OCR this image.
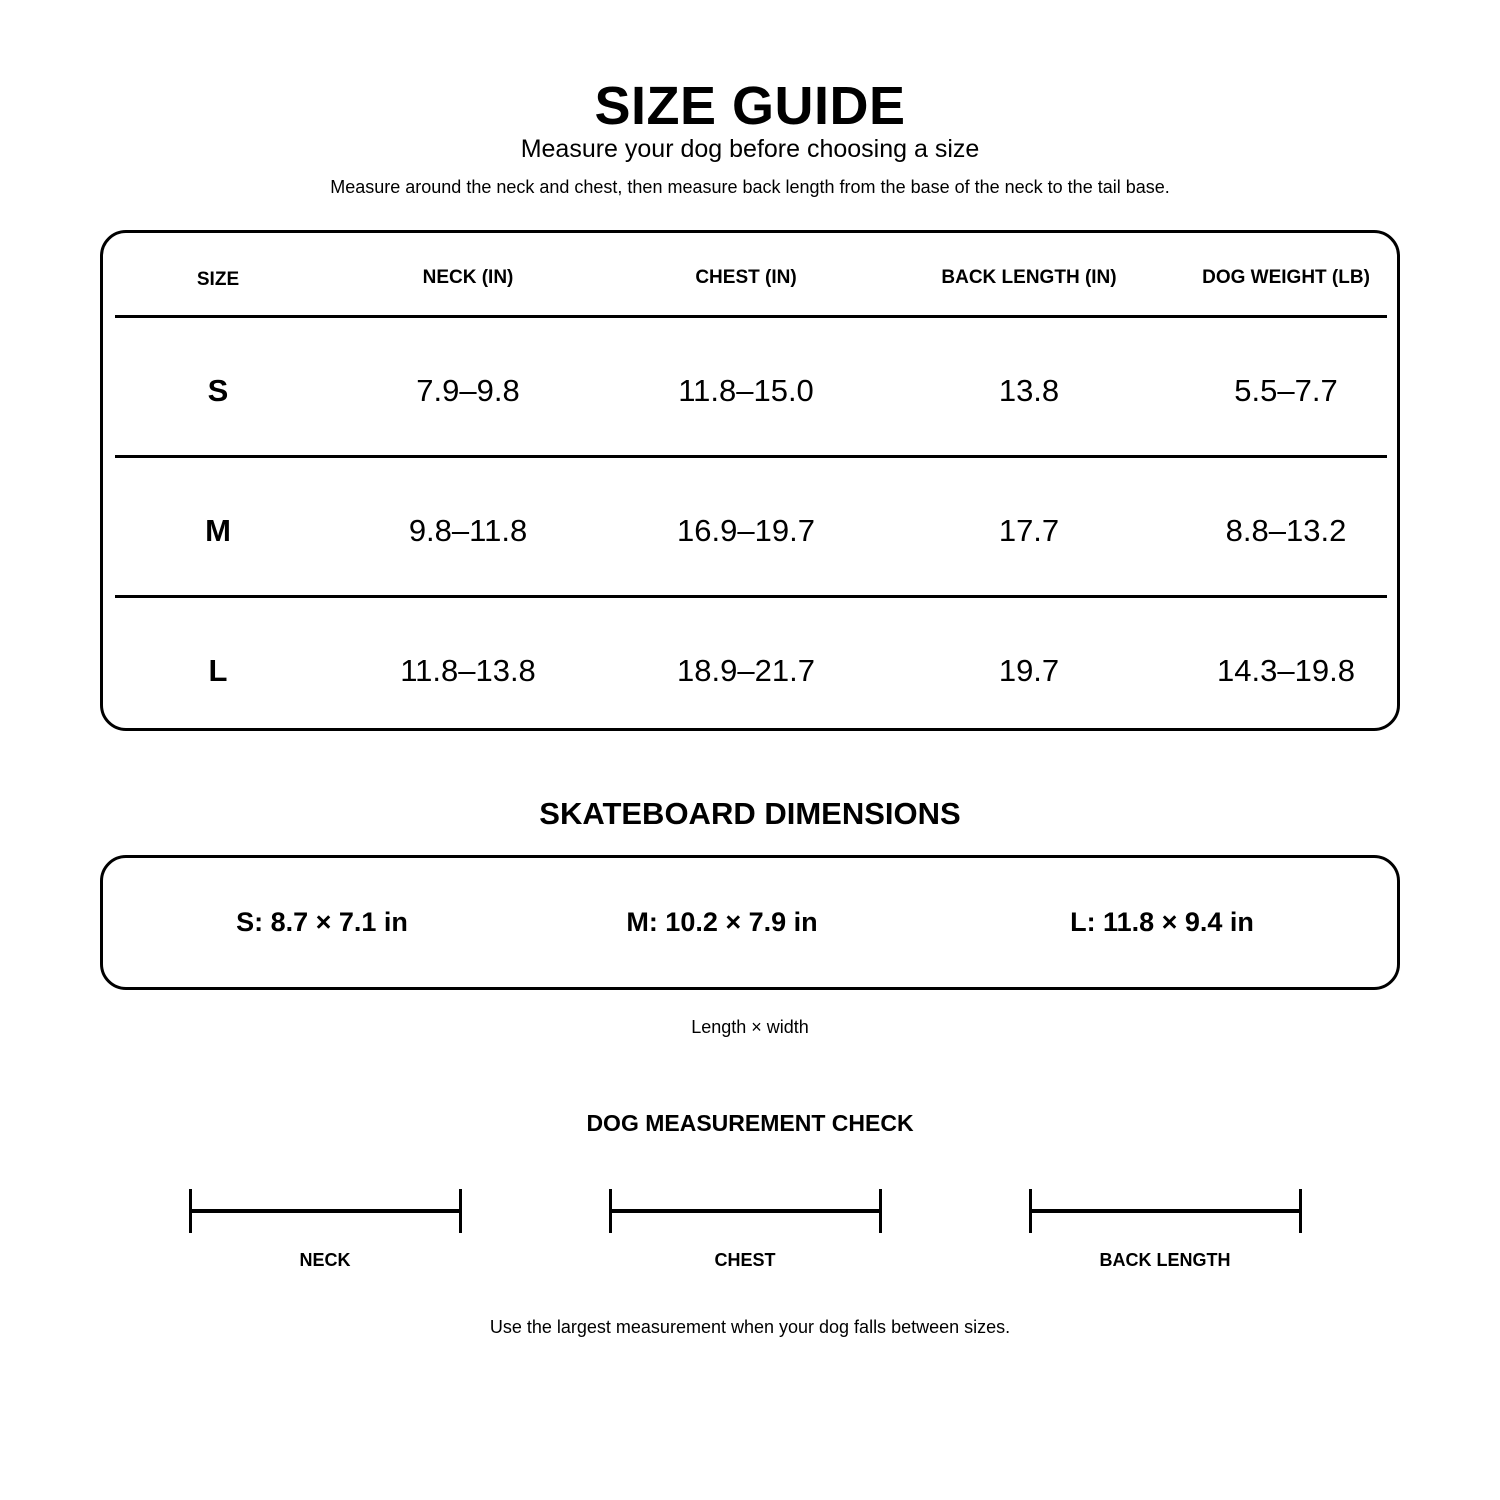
SIZE GUIDE
Measure your dog before choosing a size
Measure around the neck and chest, then measure back length from the base of the neck to the tail base.
SIZE	NECK (IN)	CHEST (IN)	BACK LENGTH (IN)	DOG WEIGHT (LB)
S	7.9–9.8	11.8–15.0	13.8	5.5–7.7
M	9.8–11.8	16.9–19.7	17.7	8.8–13.2
L	11.8–13.8	18.9–21.7	19.7	14.3–19.8
SKATEBOARD DIMENSIONS
S: 8.7 × 7.1 in	M: 10.2 × 7.9 in	L: 11.8 × 9.4 in
Length × width
DOG MEASUREMENT CHECK
NECK	CHEST	BACK LENGTH
Use the largest measurement when your dog falls between sizes.
